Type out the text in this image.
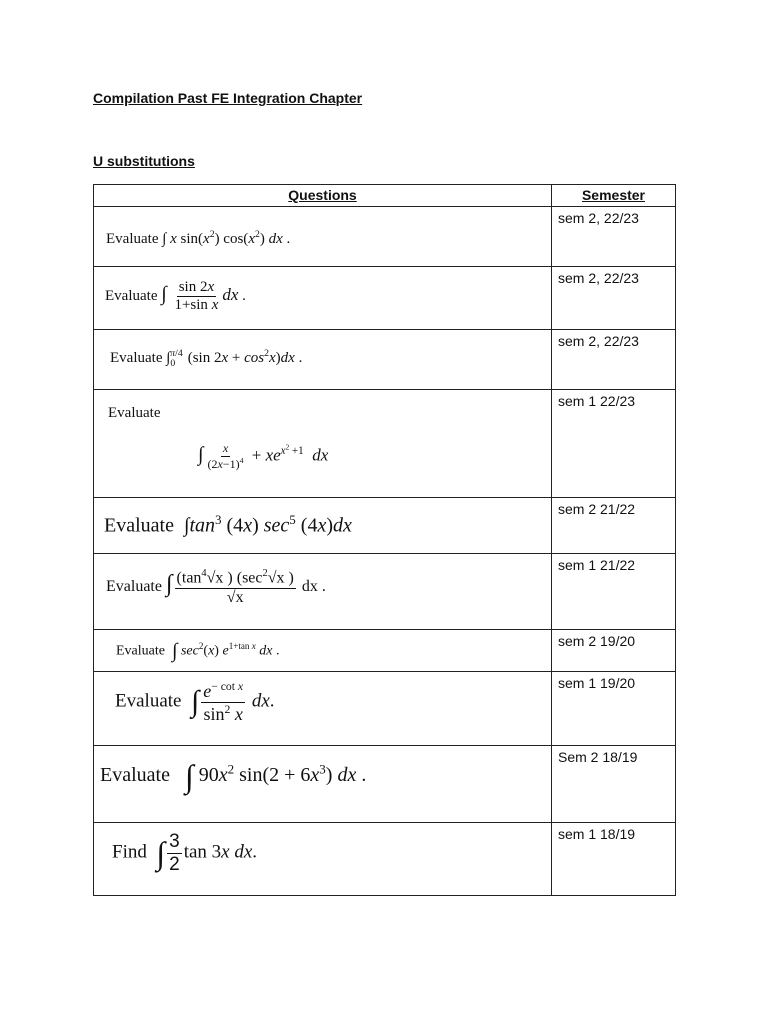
Compilation Past FE Integration Chapter
U substitutions
Questions	Semester

Evaluate ∫ x $\sin(x^2)$ $\cos(x^2)$ dx .	sem 2, 22/23

Evaluate ∫ $\frac{\sin 2x}{\text{1+sin x}}$ dx .	sem 2, 22/23

Evaluate $\int_0^{\pi/4}$ (sin $2x + \cos^2x)dx$ .	sem 2, 22/23

Evaluate
∫ $\frac{x}{(2x-1)^4} + xe^{x^2 +1}$ dx	sem 1 22/23

Evaluate  $\int\tan^3$ (4x) $\sec^5 (4x)dx$	sem 2 21/22

Evaluate ∫ $\frac{(\tan^4√x ) (\sec^2√x )}{√x}$ dx .	sem 1 21/22

Evaluate ∫ $\sec^2(x)$ $e^{1+tan x}$ dx .	sem 2 19/20

Evaluate ∫ $\frac{e^{- cot x}}{\sin^2 x}$ dx.	sem 1 19/20

Evaluate ∫ $90x^2$ $\sin(2 + 6x^3)$ dx .	Sem 2 18/19

Find ∫ $\frac{3}{2}$ tan 3x dx.	sem 1 18/19
